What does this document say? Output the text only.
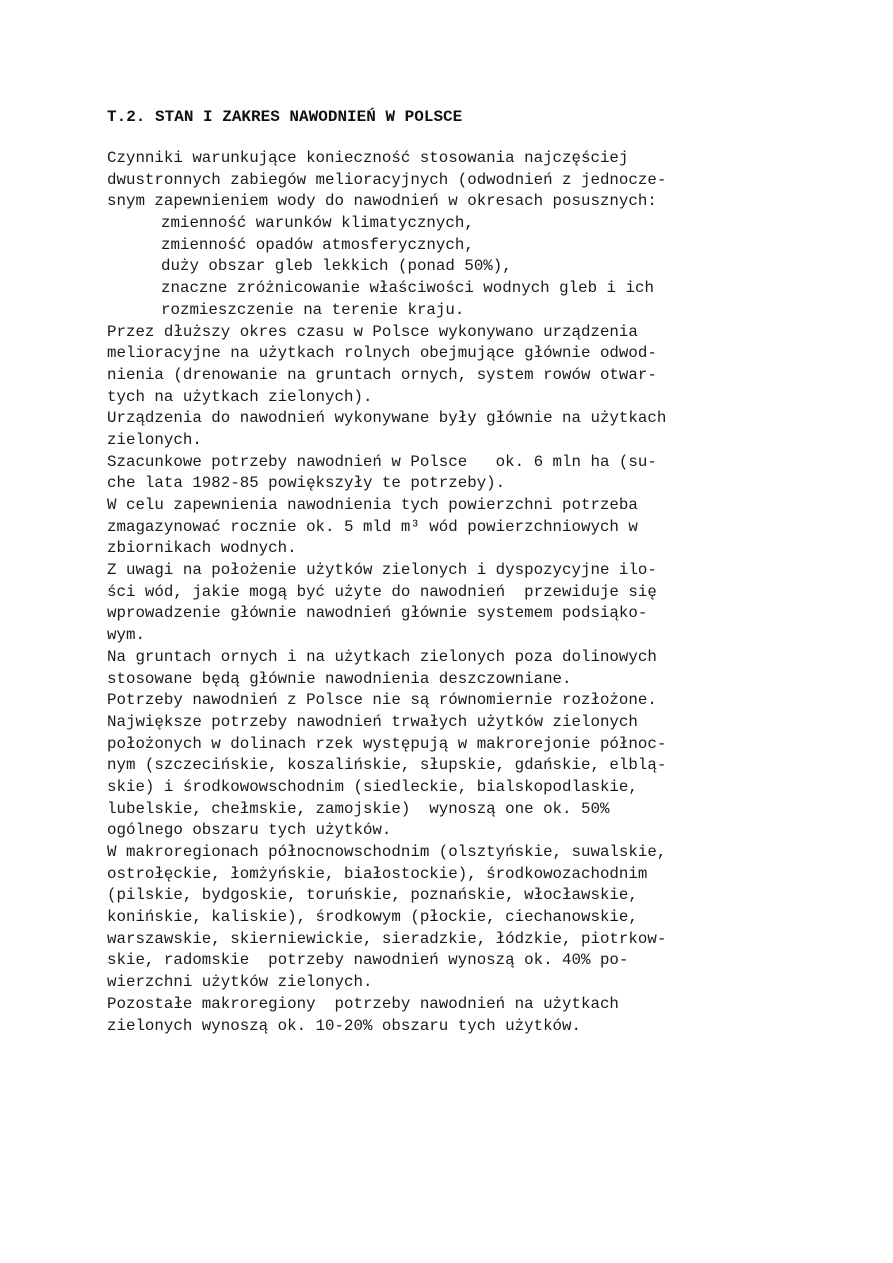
T.2. STAN I ZAKRES NAWODNIEŃ W POLSCE
Czynniki warunkujące konieczność stosowania najczęściej
dwustronnych zabiegów melioracyjnych (odwodnień z jednocze-
snym zapewnieniem wody do nawodnień w okresach posusznych:
zmienność warunków klimatycznych,
zmienność opadów atmosferycznych,
duży obszar gleb lekkich (ponad 50%),
znaczne zróżnicowanie właściwości wodnych gleb i ich
rozmieszczenie na terenie kraju.
Przez dłuższy okres czasu w Polsce wykonywano urządzenia
melioracyjne na użytkach rolnych obejmujące głównie odwod-
nienia (drenowanie na gruntach ornych, system rowów otwar-
tych na użytkach zielonych).
Urządzenia do nawodnień wykonywane były głównie na użytkach
zielonych.
Szacunkowe potrzeby nawodnień w Polsce   ok. 6 mln ha (su-
che lata 1982-85 powiększyły te potrzeby).
W celu zapewnienia nawodnienia tych powierzchni potrzeba
zmagazynować rocznie ok. 5 mld m³ wód powierzchniowych w
zbiornikach wodnych.
Z uwagi na położenie użytków zielonych i dyspozycyjne ilo-
ści wód, jakie mogą być użyte do nawodnień  przewiduje się
wprowadzenie głównie nawodnień głównie systemem podsiąko-
wym.
Na gruntach ornych i na użytkach zielonych poza dolinowych
stosowane będą głównie nawodnienia deszczowniane.
Potrzeby nawodnień z Polsce nie są równomiernie rozłożone.
Największe potrzeby nawodnień trwałych użytków zielonych
położonych w dolinach rzek występują w makrorejonie północ-
nym (szczecińskie, koszalińskie, słupskie, gdańskie, elblą-
skie) i środkowowschodnim (siedleckie, bialskopodlaskie,
lubelskie, chełmskie, zamojskie)  wynoszą one ok. 50%
ogólnego obszaru tych użytków.
W makroregionach północnowschodnim (olsztyńskie, suwalskie,
ostrołęckie, łomżyńskie, białostockie), środkowozachodnim
(pilskie, bydgoskie, toruńskie, poznańskie, włocławskie,
konińskie, kaliskie), środkowym (płockie, ciechanowskie,
warszawskie, skierniewickie, sieradzkie, łódzkie, piotrkow-
skie, radomskie  potrzeby nawodnień wynoszą ok. 40% po-
wierzchni użytków zielonych.
Pozostałe makroregiony  potrzeby nawodnień na użytkach
zielonych wynoszą ok. 10-20% obszaru tych użytków.
